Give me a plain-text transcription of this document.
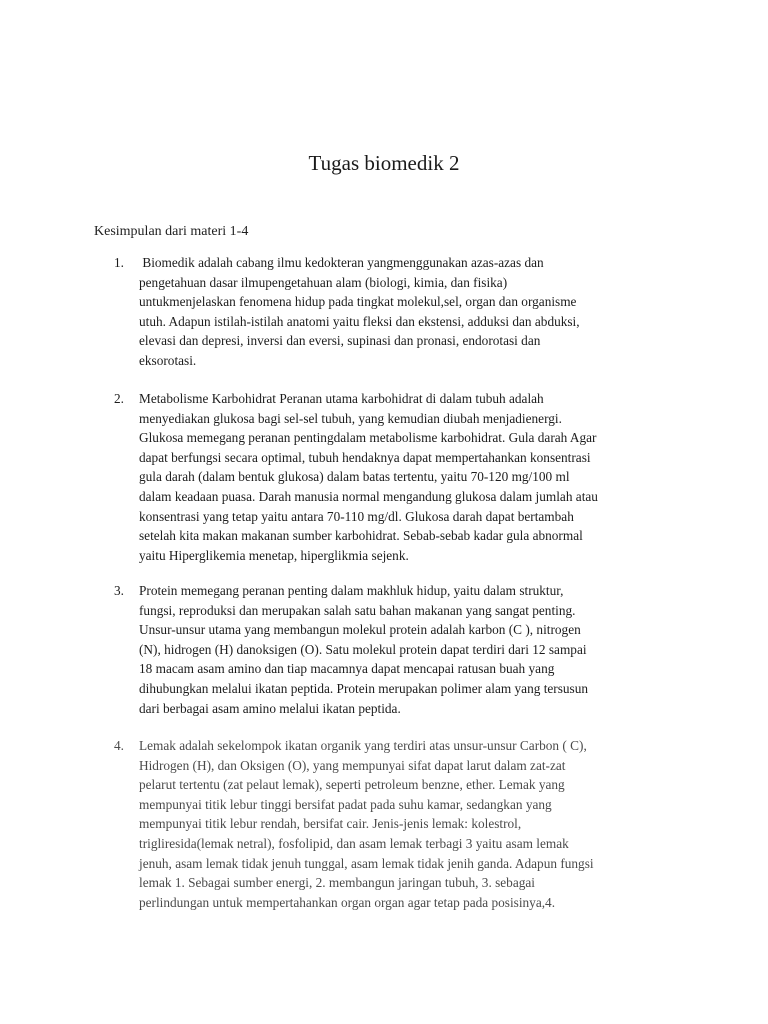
Tugas biomedik 2
Kesimpulan dari materi 1-4
1. Biomedik adalah cabang ilmu kedokteran yangmenggunakan azas-azas dan
pengetahuan dasar ilmupengetahuan alam (biologi, kimia, dan fisika)
untukmenjelaskan fenomena hidup pada tingkat molekul,sel, organ dan organisme
utuh. Adapun istilah-istilah anatomi yaitu fleksi dan ekstensi, adduksi dan abduksi,
elevasi dan depresi, inversi dan eversi, supinasi dan pronasi, endorotasi dan
eksorotasi.
2. Metabolisme Karbohidrat Peranan utama karbohidrat di dalam tubuh adalah
menyediakan glukosa bagi sel-sel tubuh, yang kemudian diubah menjadienergi.
Glukosa memegang peranan pentingdalam metabolisme karbohidrat. Gula darah Agar
dapat berfungsi secara optimal, tubuh hendaknya dapat mempertahankan konsentrasi
gula darah (dalam bentuk glukosa) dalam batas tertentu, yaitu 70-120 mg/100 ml
dalam keadaan puasa. Darah manusia normal mengandung glukosa dalam jumlah atau
konsentrasi yang tetap yaitu antara 70-110 mg/dl. Glukosa darah dapat bertambah
setelah kita makan makanan sumber karbohidrat. Sebab-sebab kadar gula abnormal
yaitu Hiperglikemia menetap, hiperglikmia sejenk.
3. Protein memegang peranan penting dalam makhluk hidup, yaitu dalam struktur,
fungsi, reproduksi dan merupakan salah satu bahan makanan yang sangat penting.
Unsur-unsur utama yang membangun molekul protein adalah karbon (C ), nitrogen
(N), hidrogen (H) danoksigen (O). Satu molekul protein dapat terdiri dari 12 sampai
18 macam asam amino dan tiap macamnya dapat mencapai ratusan buah yang
dihubungkan melalui ikatan peptida. Protein merupakan polimer alam yang tersusun
dari berbagai asam amino melalui ikatan peptida.
4. Lemak adalah sekelompok ikatan organik yang terdiri atas unsur-unsur Carbon ( C),
Hidrogen (H), dan Oksigen (O), yang mempunyai sifat dapat larut dalam zat-zat
pelarut tertentu (zat pelaut lemak), seperti petroleum benzne, ether. Lemak yang
mempunyai titik lebur tinggi bersifat padat pada suhu kamar, sedangkan yang
mempunyai titik lebur rendah, bersifat cair. Jenis-jenis lemak: kolestrol,
trigliresida(lemak netral), fosfolipid, dan asam lemak terbagi 3 yaitu asam lemak
jenuh, asam lemak tidak jenuh tunggal, asam lemak tidak jenih ganda. Adapun fungsi
lemak 1. Sebagai sumber energi, 2. membangun jaringan tubuh, 3. sebagai
perlindungan untuk mempertahankan organ organ agar tetap pada posisinya,4.
